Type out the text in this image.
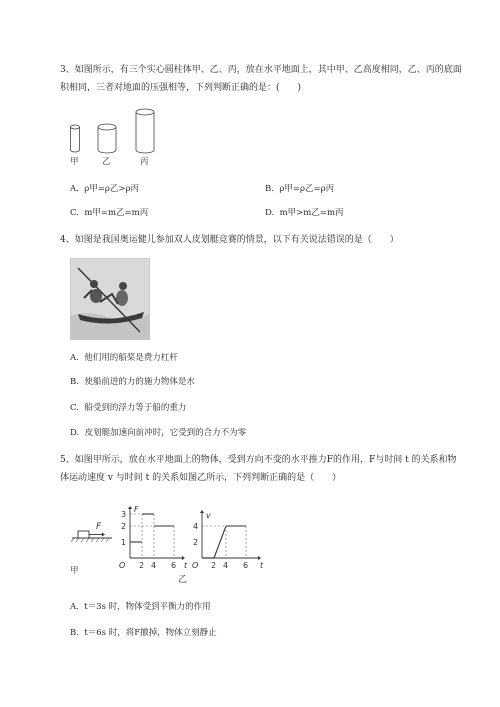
3、如图所示，有三个实心圆柱体甲、乙、丙，放在水平地面上，其中甲、乙高度相同，乙、丙的底面
积相同，三者对地面的压强相等，下列判断正确的是：(　　)
甲	乙	丙
A. ρ甲=ρ乙>ρ丙	B. ρ甲=ρ乙=ρ丙
C. m甲=m乙=m丙	D. m甲>m乙=m丙
4、如图是我国奥运健儿参加双人皮划艇竞赛的情景，以下有关说法错误的是（　　）
A. 他们用的船桨是费力杠杆
B. 使船前进的力的施力物体是水
C. 船受到的浮力等于船的重力
D. 皮划艇加速向前冲时，它受到的合力不为零
5、如图甲所示，放在水平地面上的物体，受到方向不变的水平推力F的作用，F与时间 t 的关系和物
体运动速度 v 与时间 t 的关系如图乙所示，下列判断正确的是（　　）
F
甲
F
t
O
1
2
3
2 4 6
v
t
O
2
4
2 4 6
乙
A. t＝3s 时，物体受到平衡力的作用
B. t＝6s 时，将F撤掉，物体立刻静止
